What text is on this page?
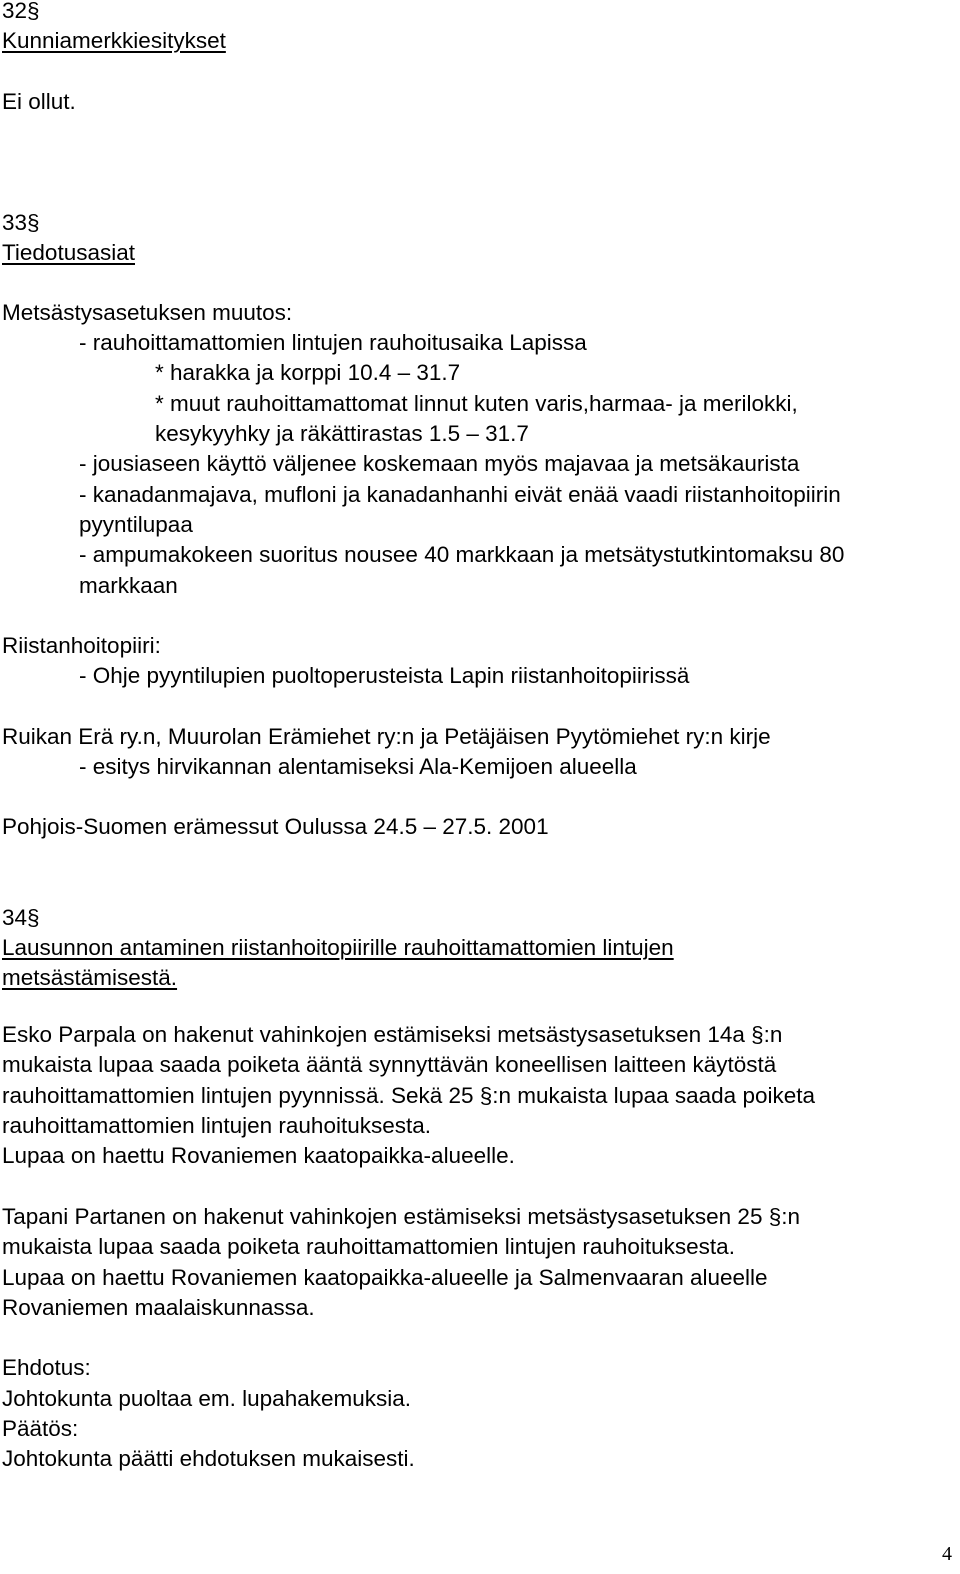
32§
Kunniamerkkiesitykset
Ei ollut.
33§
Tiedotusasiat
Metsästysasetuksen muutos:
- rauhoittamattomien lintujen rauhoitusaika Lapissa
* harakka ja korppi 10.4 – 31.7
* muut rauhoittamattomat linnut kuten varis,harmaa- ja merilokki,
kesykyyhky ja räkättirastas 1.5 – 31.7
- jousiaseen käyttö väljenee koskemaan myös majavaa ja metsäkaurista
- kanadanmajava, mufloni ja kanadanhanhi eivät enää vaadi riistanhoitopiirin
pyyntilupaa
- ampumakokeen suoritus nousee 40 markkaan ja metsätystutkintomaksu 80
markkaan
Riistanhoitopiiri:
- Ohje pyyntilupien puoltoperusteista Lapin riistanhoitopiirissä
Ruikan Erä ry.n, Muurolan Erämiehet ry:n ja Petäjäisen Pyytömiehet ry:n kirje
- esitys hirvikannan alentamiseksi Ala-Kemijoen alueella
Pohjois-Suomen erämessut Oulussa 24.5 – 27.5. 2001
34§
Lausunnon antaminen riistanhoitopiirille rauhoittamattomien lintujen
metsästämisestä.
Esko Parpala on hakenut vahinkojen estämiseksi metsästysasetuksen 14a §:n
mukaista lupaa saada poiketa ääntä synnyttävän koneellisen laitteen käytöstä
rauhoittamattomien lintujen pyynnissä. Sekä 25 §:n mukaista lupaa saada poiketa
rauhoittamattomien lintujen rauhoituksesta.
Lupaa on haettu Rovaniemen kaatopaikka-alueelle.
Tapani Partanen on hakenut vahinkojen estämiseksi metsästysasetuksen 25 §:n
mukaista lupaa saada poiketa rauhoittamattomien lintujen rauhoituksesta.
Lupaa on haettu Rovaniemen kaatopaikka-alueelle ja Salmenvaaran alueelle
Rovaniemen maalaiskunnassa.
Ehdotus:
Johtokunta puoltaa em. lupahakemuksia.
Päätös:
Johtokunta päätti ehdotuksen mukaisesti.
4
